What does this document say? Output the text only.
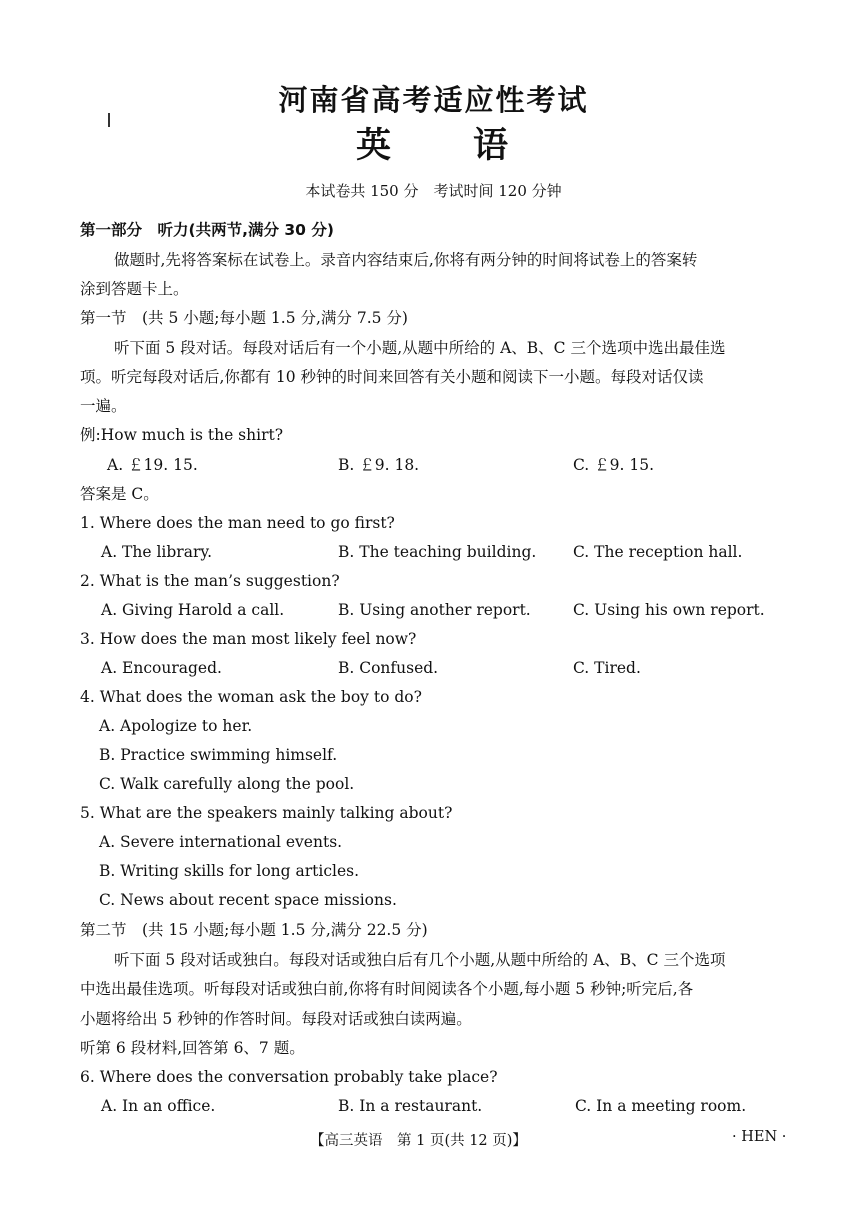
河南省高考适应性考试
英 语
本试卷共 150 分　考试时间 120 分钟
第一部分　听力(共两节,满分 30 分)
做题时,先将答案标在试卷上。录音内容结束后,你将有两分钟的时间将试卷上的答案转
涂到答题卡上。
第一节　(共 5 小题;每小题 1.5 分,满分 7.5 分)
听下面 5 段对话。每段对话后有一个小题,从题中所给的 A、B、C 三个选项中选出最佳选
项。听完每段对话后,你都有 10 秒钟的时间来回答有关小题和阅读下一小题。每段对话仅读
一遍。
例:How much is the shirt?
A. ￡19. 15.	B. ￡9. 18.	C. ￡9. 15.
答案是 C。
1. Where does the man need to go first?
A. The library.	B. The teaching building. C. The reception hall.
2. What is the man’s suggestion?
A. Giving Harold a call.	B. Using another report.	C. Using his own report.
3. How does the man most likely feel now?
A. Encouraged.	B. Confused.	C. Tired.
4. What does the woman ask the boy to do?
A. Apologize to her.
B. Practice swimming himself.
C. Walk carefully along the pool.
5. What are the speakers mainly talking about?
A. Severe international events.
B. Writing skills for long articles.
C. News about recent space missions.
第二节　(共 15 小题;每小题 1.5 分,满分 22.5 分)
听下面 5 段对话或独白。每段对话或独白后有几个小题,从题中所给的 A、B、C 三个选项
中选出最佳选项。听每段对话或独白前,你将有时间阅读各个小题,每小题 5 秒钟;听完后,各
小题将给出 5 秒钟的作答时间。每段对话或独白读两遍。
听第 6 段材料,回答第 6、7 题。
6. Where does the conversation probably take place?
A. In an office.	B. In a restaurant.	C. In a meeting room.
【高三英语　第 1 页(共 12 页)】	· HEN ·
